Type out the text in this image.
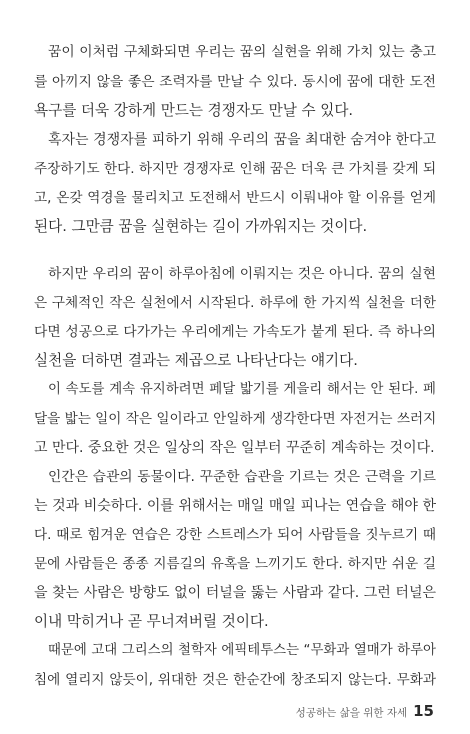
꿈이 이처럼 구체화되면 우리는 꿈의 실현을 위해 가치 있는 충고
를 아끼지 않을 좋은 조력자를 만날 수 있다. 동시에 꿈에 대한 도전
욕구를 더욱 강하게 만드는 경쟁자도 만날 수 있다.
혹자는 경쟁자를 피하기 위해 우리의 꿈을 최대한 숨겨야 한다고
주장하기도 한다. 하지만 경쟁자로 인해 꿈은 더욱 큰 가치를 갖게 되
고, 온갖 역경을 물리치고 도전해서 반드시 이뤄내야 할 이유를 얻게
된다. 그만큼 꿈을 실현하는 길이 가까워지는 것이다.
하지만 우리의 꿈이 하루아침에 이뤄지는 것은 아니다. 꿈의 실현
은 구체적인 작은 실천에서 시작된다. 하루에 한 가지씩 실천을 더한
다면 성공으로 다가가는 우리에게는 가속도가 붙게 된다. 즉 하나의
실천을 더하면 결과는 제곱으로 나타난다는 얘기다.
이 속도를 계속 유지하려면 페달 밟기를 게을리 해서는 안 된다. 페
달을 밟는 일이 작은 일이라고 안일하게 생각한다면 자전거는 쓰러지
고 만다. 중요한 것은 일상의 작은 일부터 꾸준히 계속하는 것이다.
인간은 습관의 동물이다. 꾸준한 습관을 기르는 것은 근력을 기르
는 것과 비슷하다. 이를 위해서는 매일 매일 피나는 연습을 해야 한
다. 때로 힘겨운 연습은 강한 스트레스가 되어 사람들을 짓누르기 때
문에 사람들은 종종 지름길의 유혹을 느끼기도 한다. 하지만 쉬운 길
을 찾는 사람은 방향도 없이 터널을 뚫는 사람과 같다. 그런 터널은
이내 막히거나 곧 무너져버릴 것이다.
때문에 고대 그리스의 철학자 에픽테투스는 “무화과 열매가 하루아
침에 열리지 않듯이, 위대한 것은 한순간에 창조되지 않는다. 무화과
성공하는 삶을 위한 자세 15
